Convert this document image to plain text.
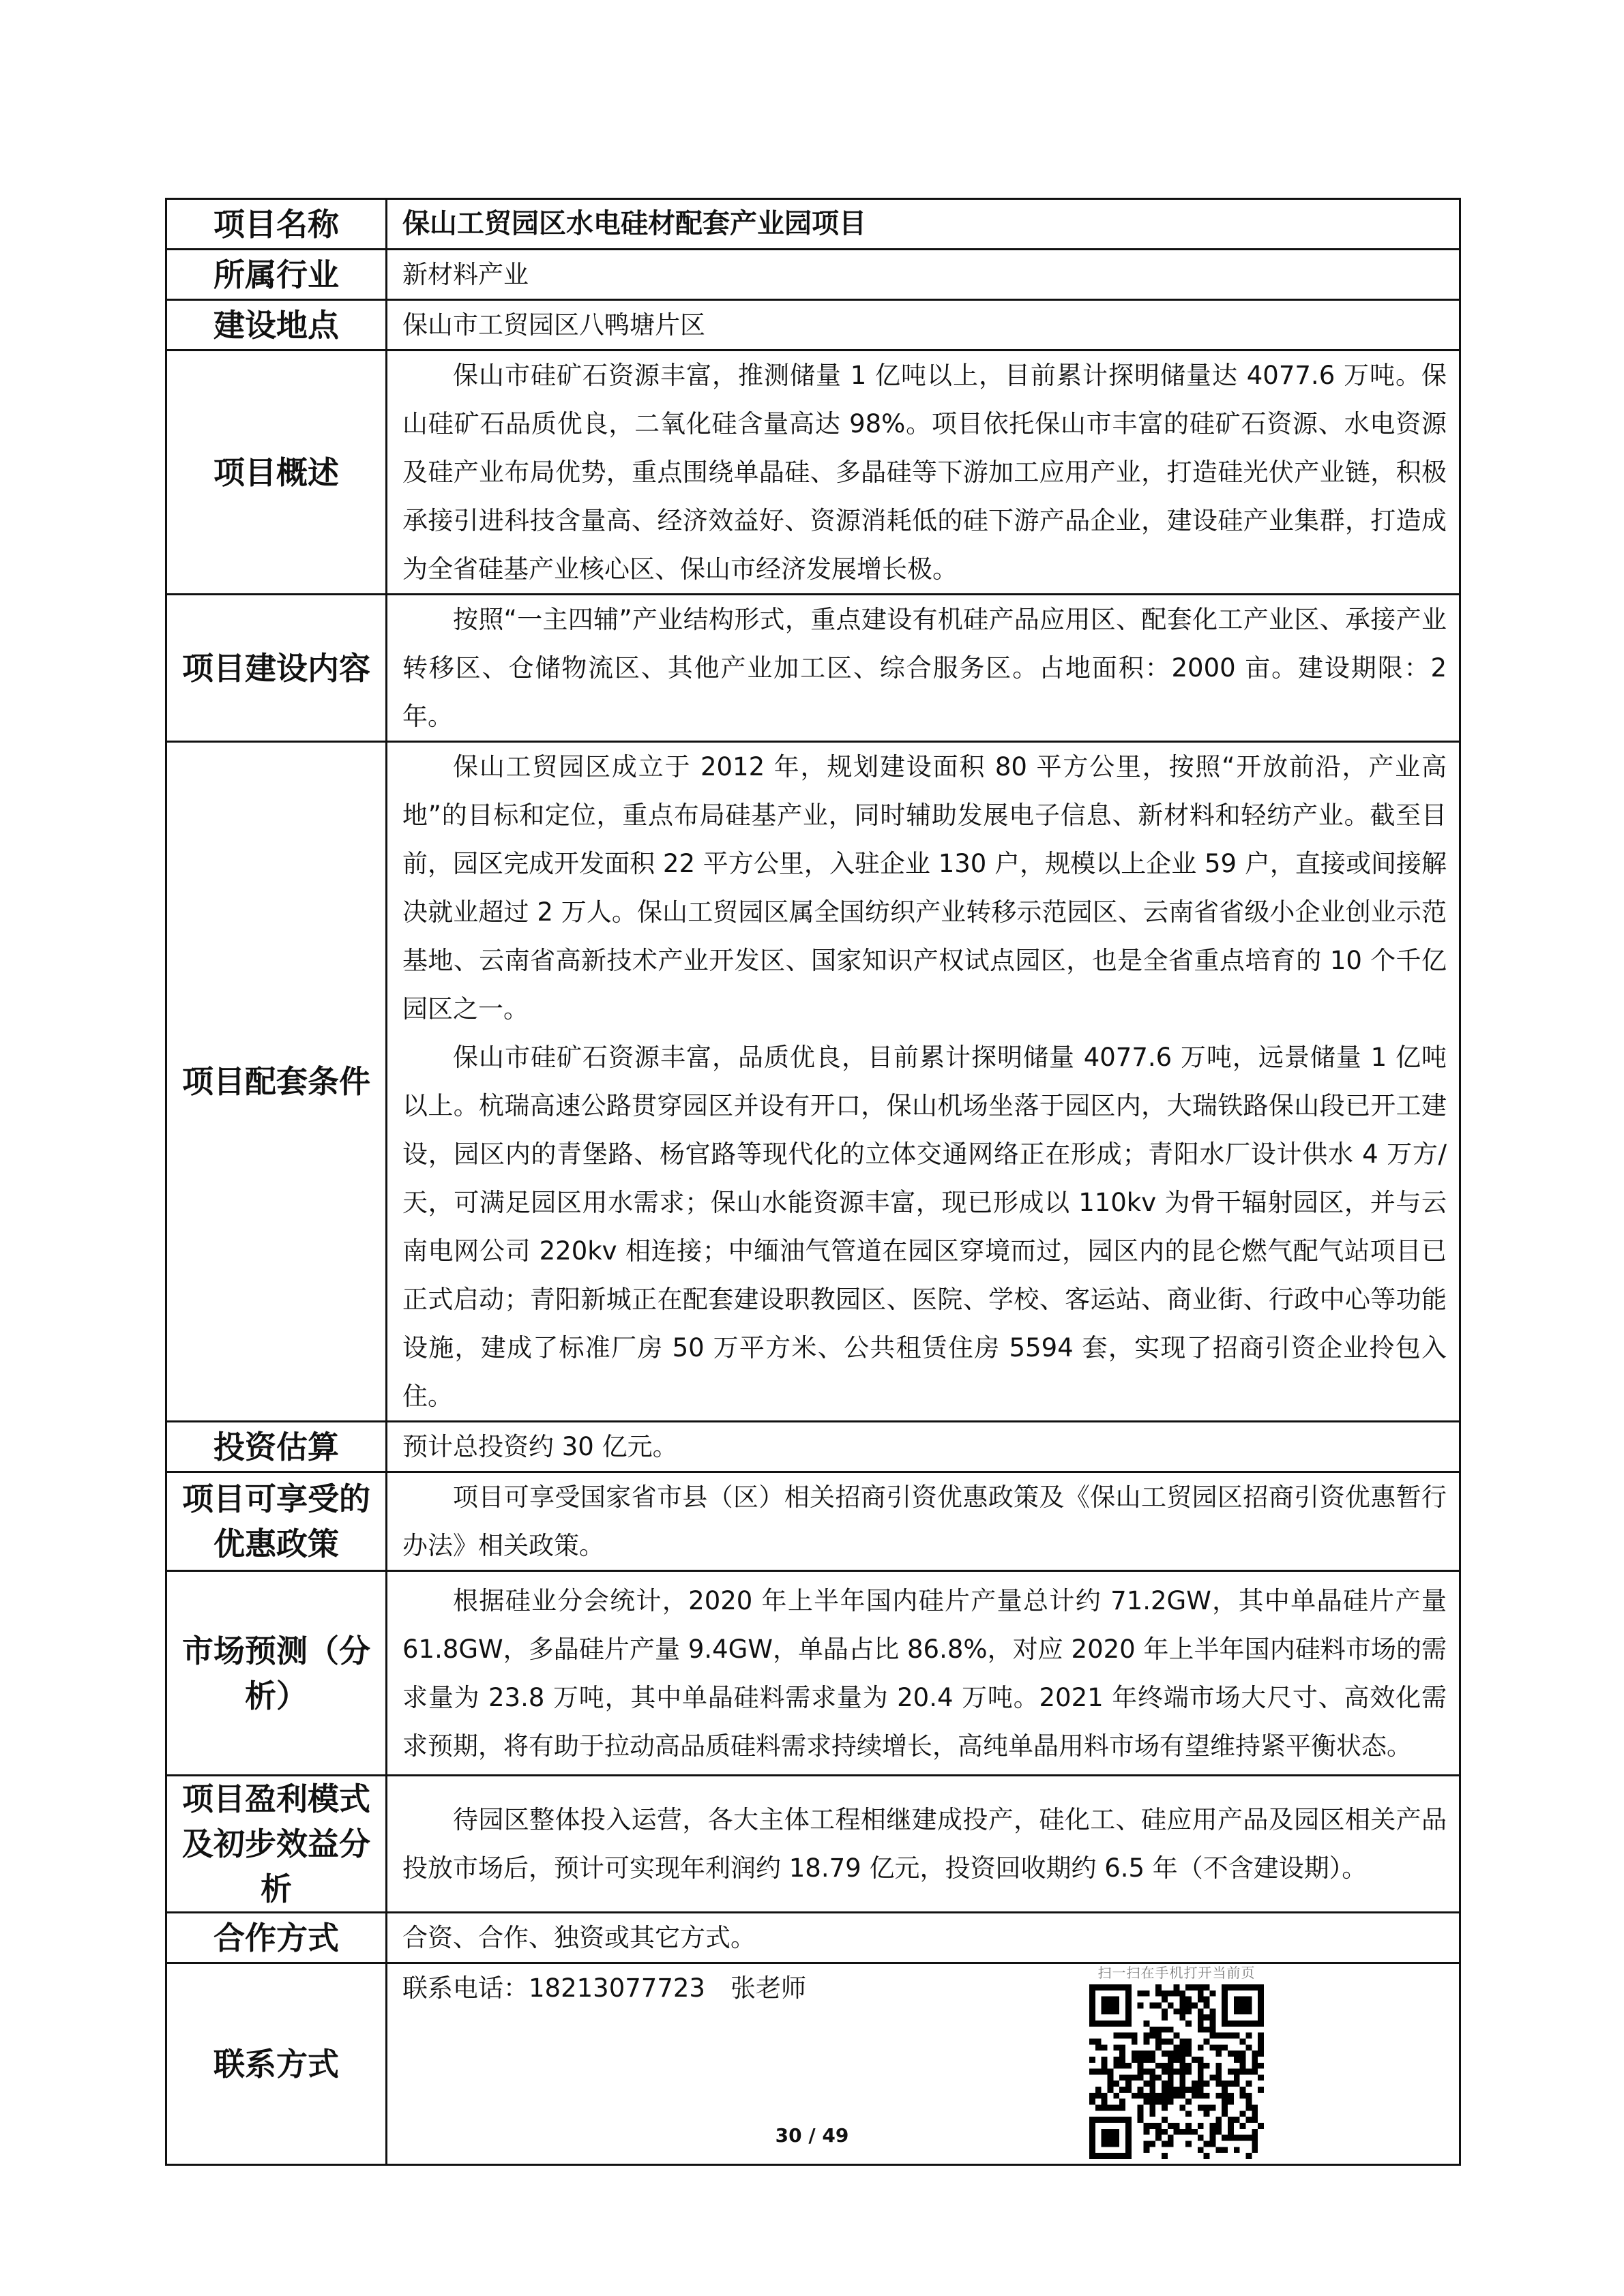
项目名称	保山工贸园区水电硅材配套产业园项目

所属行业	新材料产业

建设地点	保山市工贸园区八鸭塘片区

项目概述	保山市硅矿石资源丰富，推测储量 1 亿吨以上，目前累计探明储量达 4077.6 万吨。保山硅矿石品质优良，二氧化硅含量高达 98%。项目依托保山市丰富的硅矿石资源、水电资源及硅产业布局优势，重点围绕单晶硅、多晶硅等下游加工应用产业，打造硅光伏产业链，积极承接引进科技含量高、经济效益好、资源消耗低的硅下游产品企业，建设硅产业集群，打造成为全省硅基产业核心区、保山市经济发展增长极。

项目建设内容	按照“一主四辅”产业结构形式，重点建设有机硅产品应用区、配套化工产业区、承接产业转移区、仓储物流区、其他产业加工区、综合服务区。占地面积：2000 亩。建设期限：2 年。

项目配套条件	保山工贸园区成立于 2012 年，规划建设面积 80 平方公里，按照“开放前沿，产业高地”的目标和定位，重点布局硅基产业，同时辅助发展电子信息、新材料和轻纺产业。截至目前，园区完成开发面积 22 平方公里，入驻企业 130 户，规模以上企业 59 户，直接或间接解决就业超过 2 万人。保山工贸园区属全国纺织产业转移示范园区、云南省省级小企业创业示范基地、云南省高新技术产业开发区、国家知识产权试点园区，也是全省重点培育的 10 个千亿园区之一。

保山市硅矿石资源丰富，品质优良，目前累计探明储量 4077.6 万吨，远景储量 1 亿吨以上。杭瑞高速公路贯穿园区并设有开口，保山机场坐落于园区内，大瑞铁路保山段已开工建设，园区内的青堡路、杨官路等现代化的立体交通网络正在形成；青阳水厂设计供水 4 万方/天，可满足园区用水需求；保山水能资源丰富，现已形成以 110kv 为骨干辐射园区，并与云南电网公司 220kv 相连接；中缅油气管道在园区穿境而过，园区内的昆仑燃气配气站项目已正式启动；青阳新城正在配套建设职教园区、医院、学校、客运站、商业街、行政中心等功能设施，建成了标准厂房 50 万平方米、公共租赁住房 5594 套，实现了招商引资企业拎包入住。

投资估算	预计总投资约 30 亿元。

项目可享受的优惠政策	项目可享受国家省市县（区）相关招商引资优惠政策及《保山工贸园区招商引资优惠暂行办法》相关政策。

市场预测（分析）	根据硅业分会统计，2020 年上半年国内硅片产量总计约 71.2GW，其中单晶硅片产量 61.8GW，多晶硅片产量 9.4GW，单晶占比 86.8%，对应 2020 年上半年国内硅料市场的需求量为 23.8 万吨，其中单晶硅料需求量为 20.4 万吨。2021 年终端市场大尺寸、高效化需求预期，将有助于拉动高品质硅料需求持续增长，高纯单晶用料市场有望维持紧平衡状态。

项目盈利模式及初步效益分析	待园区整体投入运营，各大主体工程相继建成投产，硅化工、硅应用产品及园区相关产品投放市场后，预计可实现年利润约 18.79 亿元，投资回收期约 6.5 年（不含建设期）。

合作方式	合资、合作、独资或其它方式。

联系方式	联系电话：18213077723　张老师
扫一扫在手机打开当前页
30 / 49
